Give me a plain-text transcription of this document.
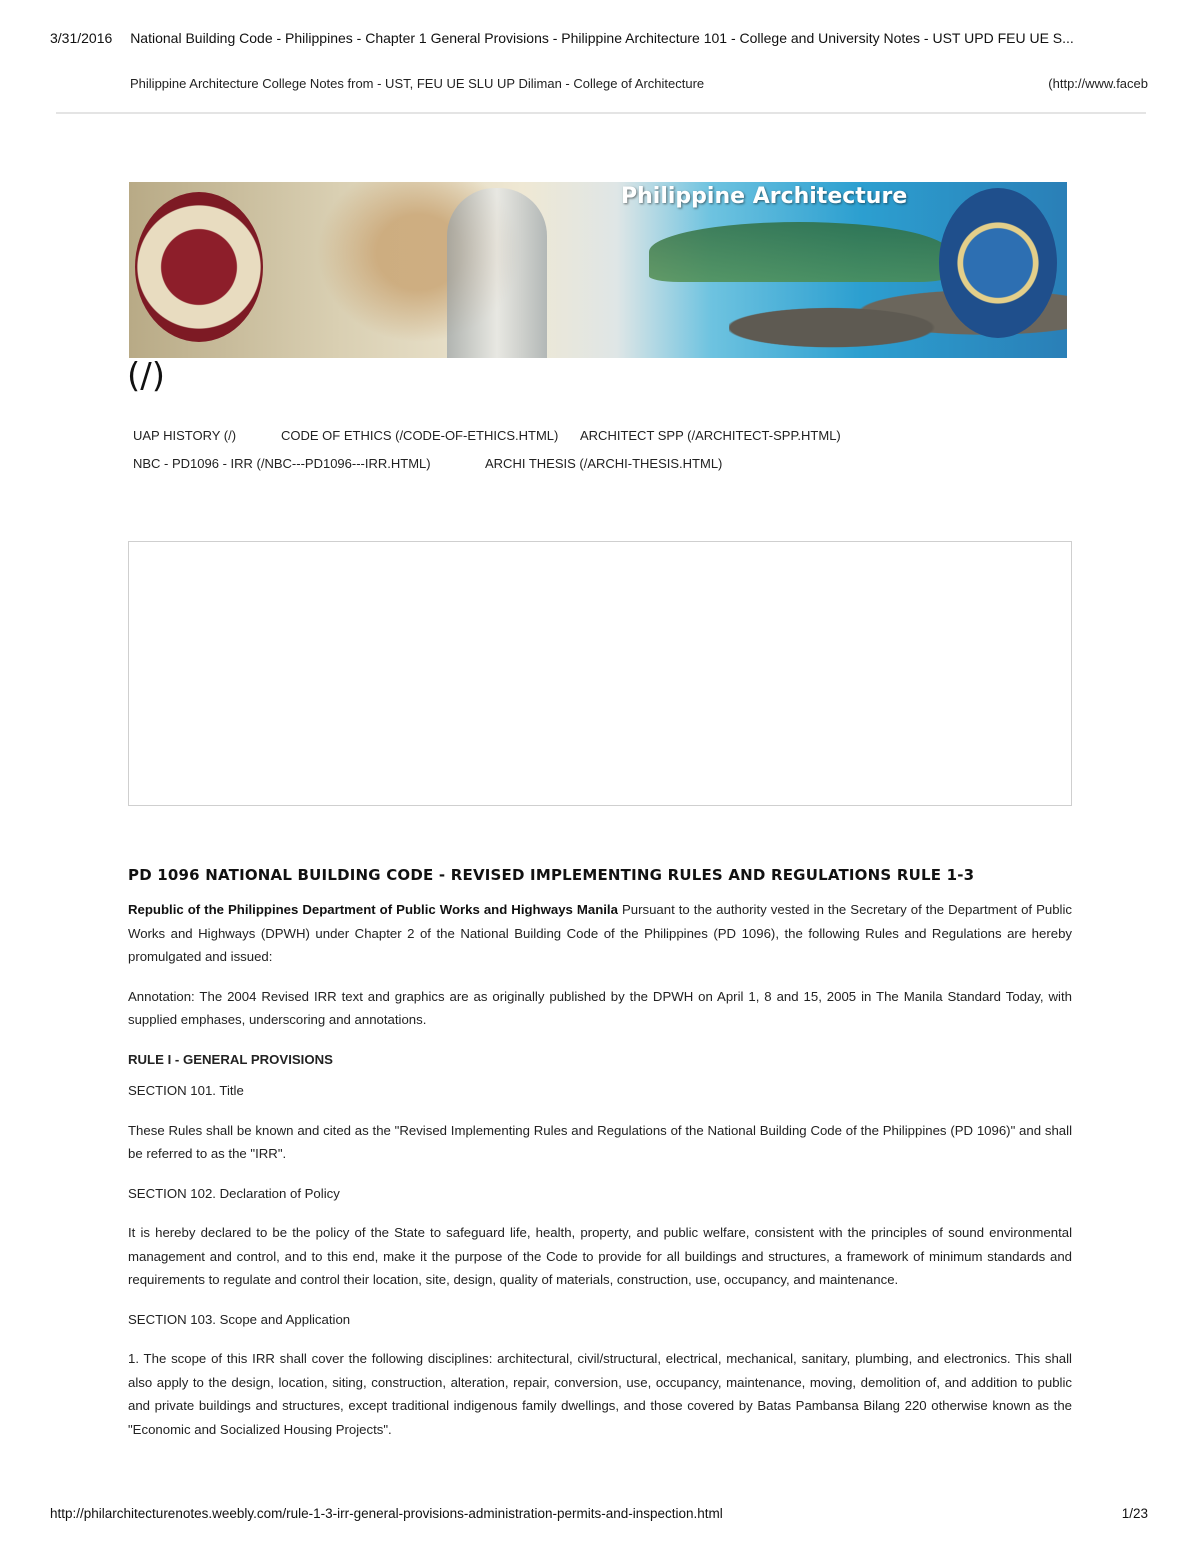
3/31/2016 National Building Code - Philippines - Chapter 1 General Provisions - Philippine Architecture 101 - College and University Notes - UST UPD FEU UE S...
Philippine Architecture College Notes from - UST, FEU UE SLU UP Diliman - College of Architecture	(http://www.faceb
Philippine Architecture
(/)
UAP HISTORY (/)	CODE OF ETHICS (/CODE-OF-ETHICS.HTML) ARCHITECT SPP (/ARCHITECT-SPP.HTML)
NBC - PD1096 - IRR (/NBC---PD1096---IRR.HTML)	ARCHI THESIS (/ARCHI-THESIS.HTML)
PD 1096 NATIONAL BUILDING CODE - REVISED IMPLEMENTING RULES AND REGULATIONS RULE 1-3

Republic of the Philippines Department of Public Works and Highways Manila Pursuant to the authority vested in the Secretary of the Department of Public Works and Highways (DPWH) under Chapter 2 of the National Building Code of the Philippines (PD 1096), the following Rules and Regulations are hereby promulgated and issued:

Annotation: The 2004 Revised IRR text and graphics are as originally published by the DPWH on April 1, 8 and 15, 2005 in The Manila Standard Today, with supplied emphases, underscoring and annotations.

RULE I - GENERAL PROVISIONS

SECTION 101. Title

These Rules shall be known and cited as the "Revised Implementing Rules and Regulations of the National Building Code of the Philippines (PD 1096)" and shall be referred to as the "IRR".

SECTION 102. Declaration of Policy

It is hereby declared to be the policy of the State to safeguard life, health, property, and public welfare, consistent with the principles of sound environmental management and control, and to this end, make it the purpose of the Code to provide for all buildings and structures, a framework of minimum standards and requirements to regulate and control their location, site, design, quality of materials, construction, use, occupancy, and maintenance.

SECTION 103. Scope and Application

1. The scope of this IRR shall cover the following disciplines: architectural, civil/structural, electrical, mechanical, sanitary, plumbing, and electronics. This shall also apply to the design, location, siting, construction, alteration, repair, conversion, use, occupancy, maintenance, moving, demolition of, and addition to public and private buildings and structures, except traditional indigenous family dwellings, and those covered by Batas Pambansa Bilang 220 otherwise known as the "Economic and Socialized Housing Projects".

http://philarchitecturenotes.weebly.com/rule-1-3-irr-general-provisions-administration-permits-and-inspection.html	1/23
